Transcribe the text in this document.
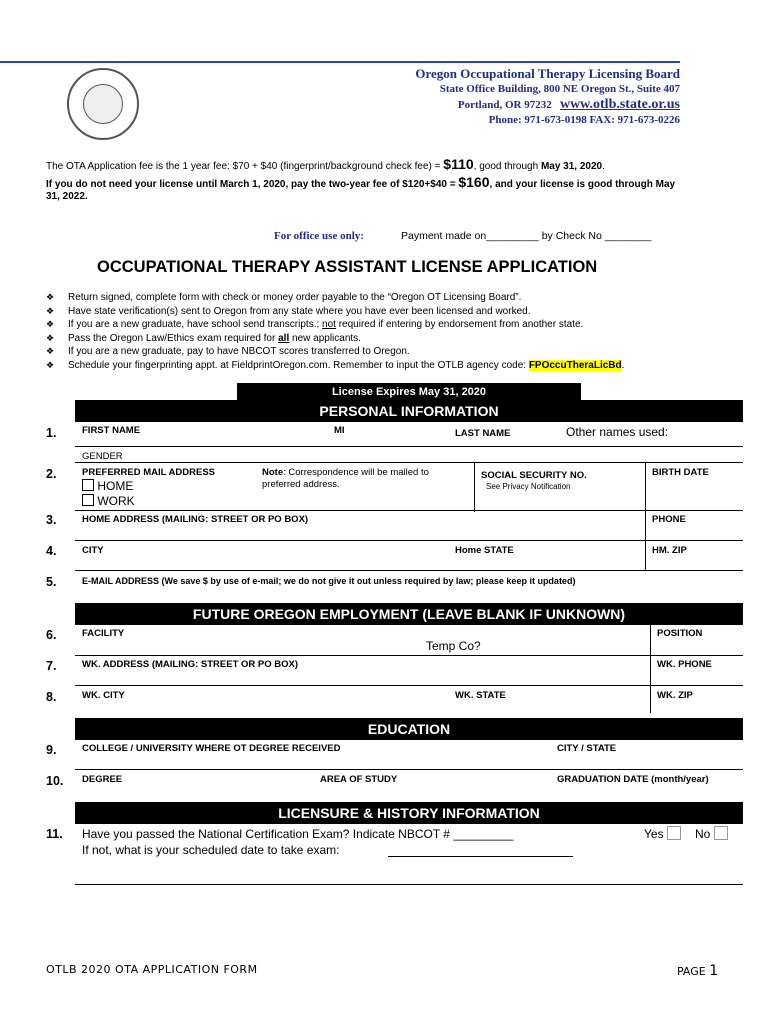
Oregon Occupational Therapy Licensing Board
State Office Building, 800 NE Oregon St., Suite 407
Portland, OR 97232 www.otlb.state.or.us
Phone: 971-673-0198 FAX: 971-673-0226
The OTA Application fee is the 1 year fee: $70 + $40 (fingerprint/background check fee) = $110, good through May 31, 2020.
If you do not need your license until March 1, 2020, pay the two-year fee of $120+$40 = $160, and your license is good through May
31, 2022.
For office use only:	Payment made on_________ by Check No ________
OCCUPATIONAL THERAPY ASSISTANT LICENSE APPLICATION
❖ Return signed, complete form with check or money order payable to the “Oregon OT Licensing Board”.
❖ Have state verification(s) sent to Oregon from any state where you have ever been licensed and worked.
❖ If you are a new graduate, have school send transcripts.; not required if entering by endorsement from another state.
❖ Pass the Oregon Law/Ethics exam required for all new applicants.
❖ If you are a new graduate, pay to have NBCOT scores transferred to Oregon.
❖ Schedule your fingerprinting appt. at FieldprintOregon.com. Remember to input the OTLB agency code: FPOccuTheraLicBd.
License Expires May 31, 2020
PERSONAL INFORMATION
1.
2.
3.
4.
5.
6.
7.
8.
9.
10.
11.
FIRST NAME	MI	LAST NAME	Other names used:
GENDER
PREFERRED MAIL ADDRESS
HOME
WORK
Note: Correspondence will be mailed to
preferred address.
SOCIAL SECURITY NO.
See Privacy Notification
BIRTH DATE
HOME ADDRESS (MAILING: STREET OR PO BOX)	PHONE
CITY	Home STATE	HM. ZIP
E-MAIL ADDRESS (We save $ by use of e-mail; we do not give it out unless required by law; please keep it updated)
FUTURE OREGON EMPLOYMENT (LEAVE BLANK IF UNKNOWN)
FACILITY	POSITION
Temp Co?
WK. ADDRESS (MAILING: STREET OR PO BOX)	WK. PHONE
WK. CITY	WK. STATE	WK. ZIP
EDUCATION
COLLEGE / UNIVERSITY WHERE OT DEGREE RECEIVED	CITY / STATE
DEGREE	AREA OF STUDY	GRADUATION DATE (month/year)
LICENSURE & HISTORY INFORMATION
Have you passed the National Certification Exam? Indicate NBCOT # _________
If not, what is your scheduled date to take exam:
Yes	No
OTLB 2020 OTA APPLICATION FORM	PAGE 1
